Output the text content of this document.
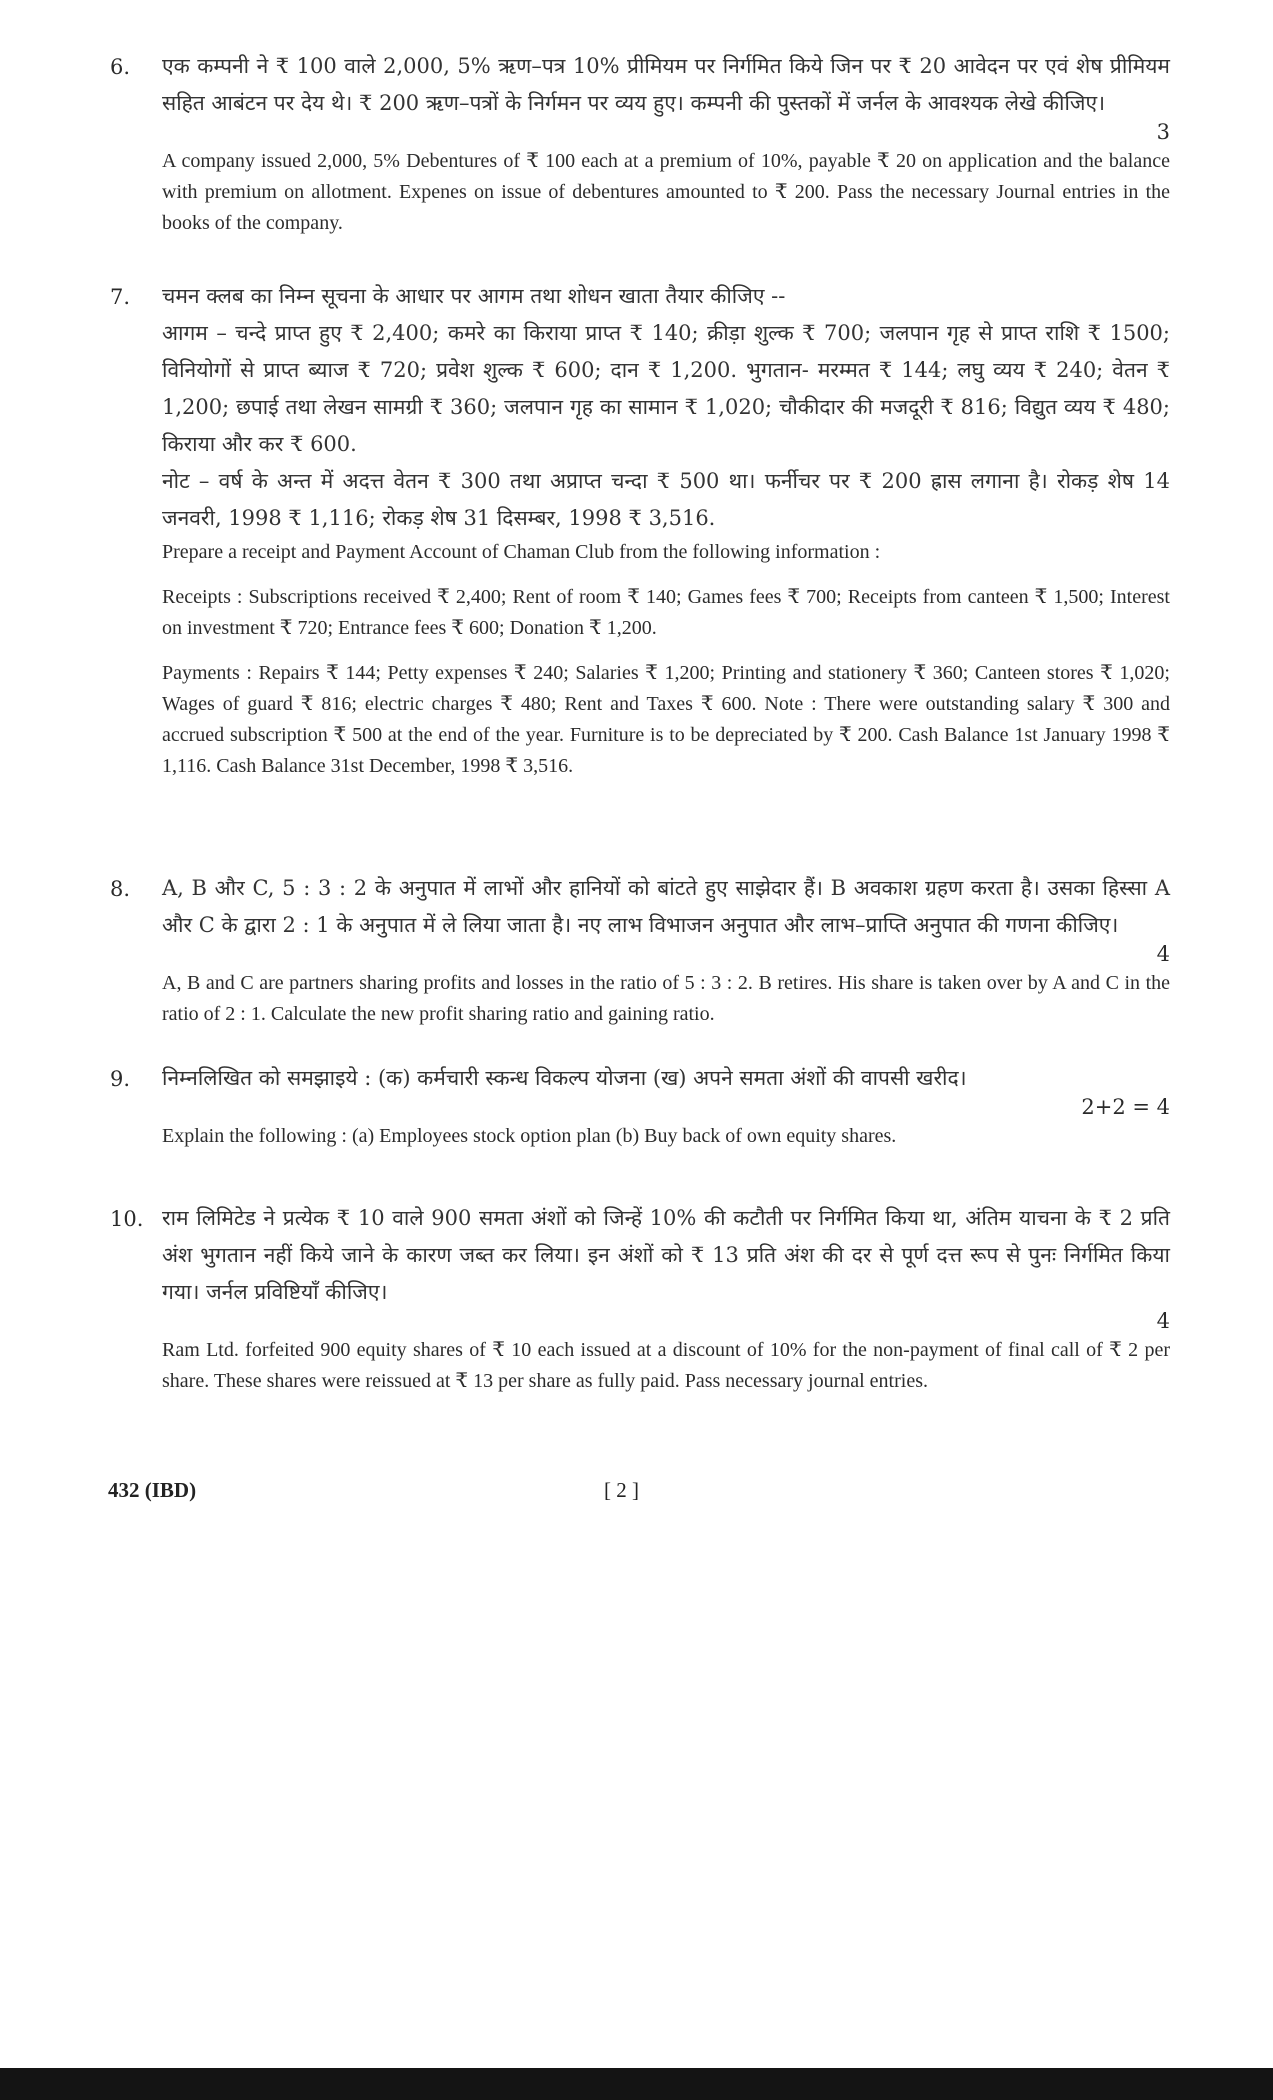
6.	एक कम्पनी ने ₹ 100 वाले 2,000, 5% ऋण–पत्र 10% प्रीमियम पर निर्गमित किये जिन पर ₹ 20 आवेदन पर एवं शेष प्रीमियम सहित आबंटन पर देय थे। ₹ 200 ऋण–पत्रों के निर्गमन पर व्यय हुए। कम्पनी की पुस्तकों में जर्नल के आवश्यक लेखे कीजिए।

3

A company issued 2,000, 5% Debentures of ₹ 100 each at a premium of 10%, payable ₹ 20 on application and the balance with premium on allotment. Expenes on issue of debentures amounted to ₹ 200. Pass the necessary Journal entries in the books of the company.

7.	चमन क्लब का निम्न सूचना के आधार पर आगम तथा शोधन खाता तैयार कीजिए --

आगम – चन्दे प्राप्त हुए ₹ 2,400; कमरे का किराया प्राप्त ₹ 140; क्रीड़ा शुल्क ₹ 700; जलपान गृह से प्राप्त राशि ₹ 1500; विनियोगों से प्राप्त ब्याज ₹ 720; प्रवेश शुल्क ₹ 600; दान ₹ 1,200. भुगतान- मरम्मत ₹ 144; लघु व्यय ₹ 240; वेतन ₹ 1,200; छपाई तथा लेखन सामग्री ₹ 360; जलपान गृह का सामान ₹ 1,020; चौकीदार की मजदूरी ₹ 816; विद्युत व्यय ₹ 480; किराया और कर ₹ 600.

4
नोट – वर्ष के अन्त में अदत्त वेतन ₹ 300 तथा अप्राप्त चन्दा ₹ 500 था। फर्नीचर पर ₹ 200 ह्रास लगाना है। रोकड़ शेष 1 जनवरी, 1998 ₹ 1,116; रोकड़ शेष 31 दिसम्बर, 1998 ₹ 3,516.

Prepare a receipt and Payment Account of Chaman Club from the following information :

Receipts : Subscriptions received ₹ 2,400; Rent of room ₹ 140; Games fees ₹ 700; Receipts from canteen ₹ 1,500; Interest on investment ₹ 720; Entrance fees ₹ 600; Donation ₹ 1,200.

Payments : Repairs ₹ 144; Petty expenses ₹ 240; Salaries ₹ 1,200; Printing and stationery ₹ 360; Canteen stores ₹ 1,020; Wages of guard ₹ 816; electric charges ₹ 480; Rent and Taxes ₹ 600. Note : There were outstanding salary ₹ 300 and accrued subscription ₹ 500 at the end of the year. Furniture is to be depreciated by ₹ 200. Cash Balance 1st January 1998 ₹ 1,116. Cash Balance 31st December, 1998 ₹ 3,516.

8.	A, B और C, 5 : 3 : 2 के अनुपात में लाभों और हानियों को बांटते हुए साझेदार हैं। B अवकाश ग्रहण करता है। उसका हिस्सा A और C के द्वारा 2 : 1 के अनुपात में ले लिया जाता है। नए लाभ विभाजन अनुपात और लाभ–प्राप्ति अनुपात की गणना कीजिए।

4

A, B and C are partners sharing profits and losses in the ratio of 5 : 3 : 2. B retires. His share is taken over by A and C in the ratio of 2 : 1. Calculate the new profit sharing ratio and gaining ratio.

9.	निम्नलिखित को समझाइये : (क) कर्मचारी स्कन्ध विकल्प योजना (ख) अपने समता अंशों की वापसी खरीद।

2+2 = 4

Explain the following : (a) Employees stock option plan (b) Buy back of own equity shares.

10. राम लिमिटेड ने प्रत्येक ₹ 10 वाले 900 समता अंशों को जिन्हें 10% की कटौती पर निर्गमित किया था, अंतिम याचना के ₹ 2 प्रति अंश भुगतान नहीं किये जाने के कारण जब्त कर लिया। इन अंशों को ₹ 13 प्रति अंश की दर से पूर्ण दत्त रूप से पुनः निर्गमित किया गया। जर्नल प्रविष्टियाँ कीजिए।

4

Ram Ltd. forfeited 900 equity shares of ₹ 10 each issued at a discount of 10% for the non-payment of final call of ₹ 2 per share. These shares were reissued at ₹ 13 per share as fully paid. Pass necessary journal entries.

432 (IBD)	[ 2 ]
